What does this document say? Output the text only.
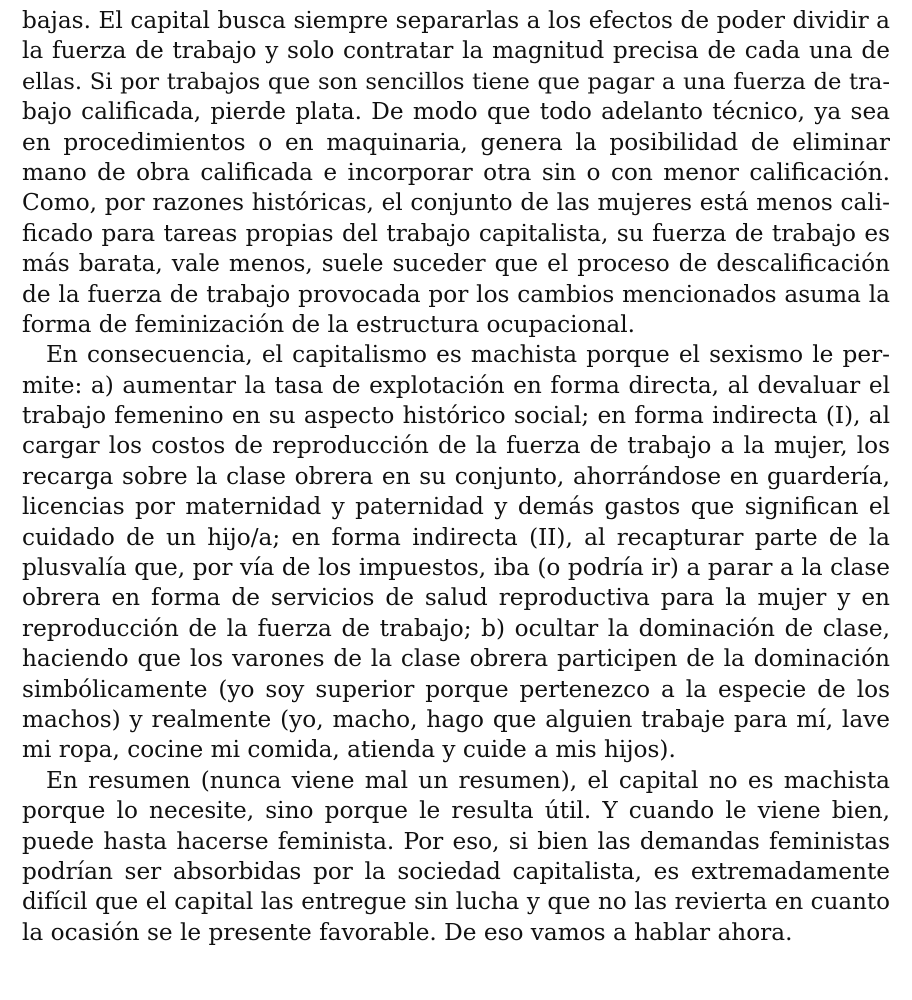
bajas. El capital busca siempre separarlas a los efectos de poder dividir a
la fuerza de trabajo y solo contratar la magnitud precisa de cada una de
ellas. Si por trabajos que son sencillos tiene que pagar a una fuerza de tra-
bajo calificada, pierde plata. De modo que todo adelanto técnico, ya sea
en procedimientos o en maquinaria, genera la posibilidad de eliminar
mano de obra calificada e incorporar otra sin o con menor calificación.
Como, por razones históricas, el conjunto de las mujeres está menos cali-
ficado para tareas propias del trabajo capitalista, su fuerza de trabajo es
más barata, vale menos, suele suceder que el proceso de descalificación
de la fuerza de trabajo provocada por los cambios mencionados asuma la
forma de feminización de la estructura ocupacional.
En consecuencia, el capitalismo es machista porque el sexismo le per-
mite: a) aumentar la tasa de explotación en forma directa, al devaluar el
trabajo femenino en su aspecto histórico social; en forma indirecta (I), al
cargar los costos de reproducción de la fuerza de trabajo a la mujer, los
recarga sobre la clase obrera en su conjunto, ahorrándose en guardería,
licencias por maternidad y paternidad y demás gastos que significan el
cuidado de un hijo/a; en forma indirecta (II), al recapturar parte de la
plusvalía que, por vía de los impuestos, iba (o podría ir) a parar a la clase
obrera en forma de servicios de salud reproductiva para la mujer y en
reproducción de la fuerza de trabajo; b) ocultar la dominación de clase,
haciendo que los varones de la clase obrera participen de la dominación
simbólicamente (yo soy superior porque pertenezco a la especie de los
machos) y realmente (yo, macho, hago que alguien trabaje para mí, lave
mi ropa, cocine mi comida, atienda y cuide a mis hijos).
En resumen (nunca viene mal un resumen), el capital no es machista
porque lo necesite, sino porque le resulta útil. Y cuando le viene bien,
puede hasta hacerse feminista. Por eso, si bien las demandas feministas
podrían ser absorbidas por la sociedad capitalista, es extremadamente
difícil que el capital las entregue sin lucha y que no las revierta en cuanto
la ocasión se le presente favorable. De eso vamos a hablar ahora.
